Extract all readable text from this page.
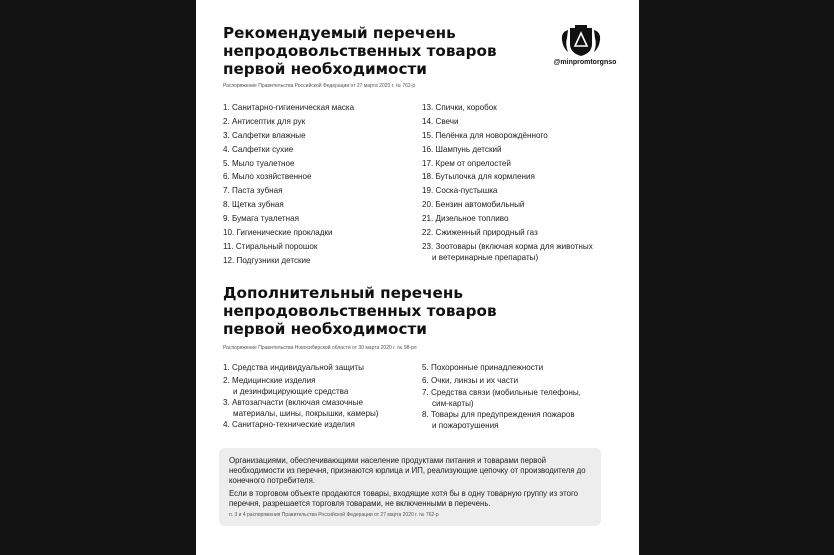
Рекомендуемый перечень
непродовольственных товаров
первой необходимости	@minpromtorgnso
Распоряжение Правительства Российской Федерации от 27 марта 2020 г. № 762-р
1. Санитарно-гигиеническая маска
2. Антисептик для рук
3. Салфетки влажные
4. Салфетки сухие
5. Мыло туалетное
6. Мыло хозяйственное
7. Паста зубная
8. Щетка зубная
9. Бумага туалетная
10. Гигиенические прокладки
11. Стиральный порошок
12. Подгузники детские
13. Спички, коробок
14. Свечи
15. Пелёнка для новорождённого
16. Шампунь детский
17. Крем от опрелостей
18. Бутылочка для кормления
19. Соска-пустышка
20. Бензин автомобильный
21. Дизельное топливо
22. Сжиженный природный газ
23. Зоотовары (включая корма для животных
и ветеринарные препараты)
Дополнительный перечень
непродовольственных товаров
первой необходимости
Распоряжение Правительства Новосибирской области от 30 марта 2020 г. № 98-рп
1. Средства индивидуальной защиты
2. Медицинские изделия
и дезинфицирующие средства
3. Автозапчасти (включая смазочные
материалы, шины, покрышки, камеры)
4. Санитарно-технические изделия
5. Похоронные принадлежности
6. Очки, линзы и их части
7. Средства связи (мобильные телефоны,
сим-карты)
8. Товары для предупреждения пожаров
и пожаротушения

Организациями, обеспечивающими население продуктами питания и товарами первой необходимости из перечня, признаются юрлица и ИП, реализующие цепочку от производителя до конечного потребителя.

Если в торговом объекте продаются товары, входящие хотя бы в одну товарную группу из этого перечня, разрешается торговля товарами, не включенными в перечень.

п. 3 и 4 распоряжения Правительства Российской Федерации от 27 марта 2020 г. № 762-р
